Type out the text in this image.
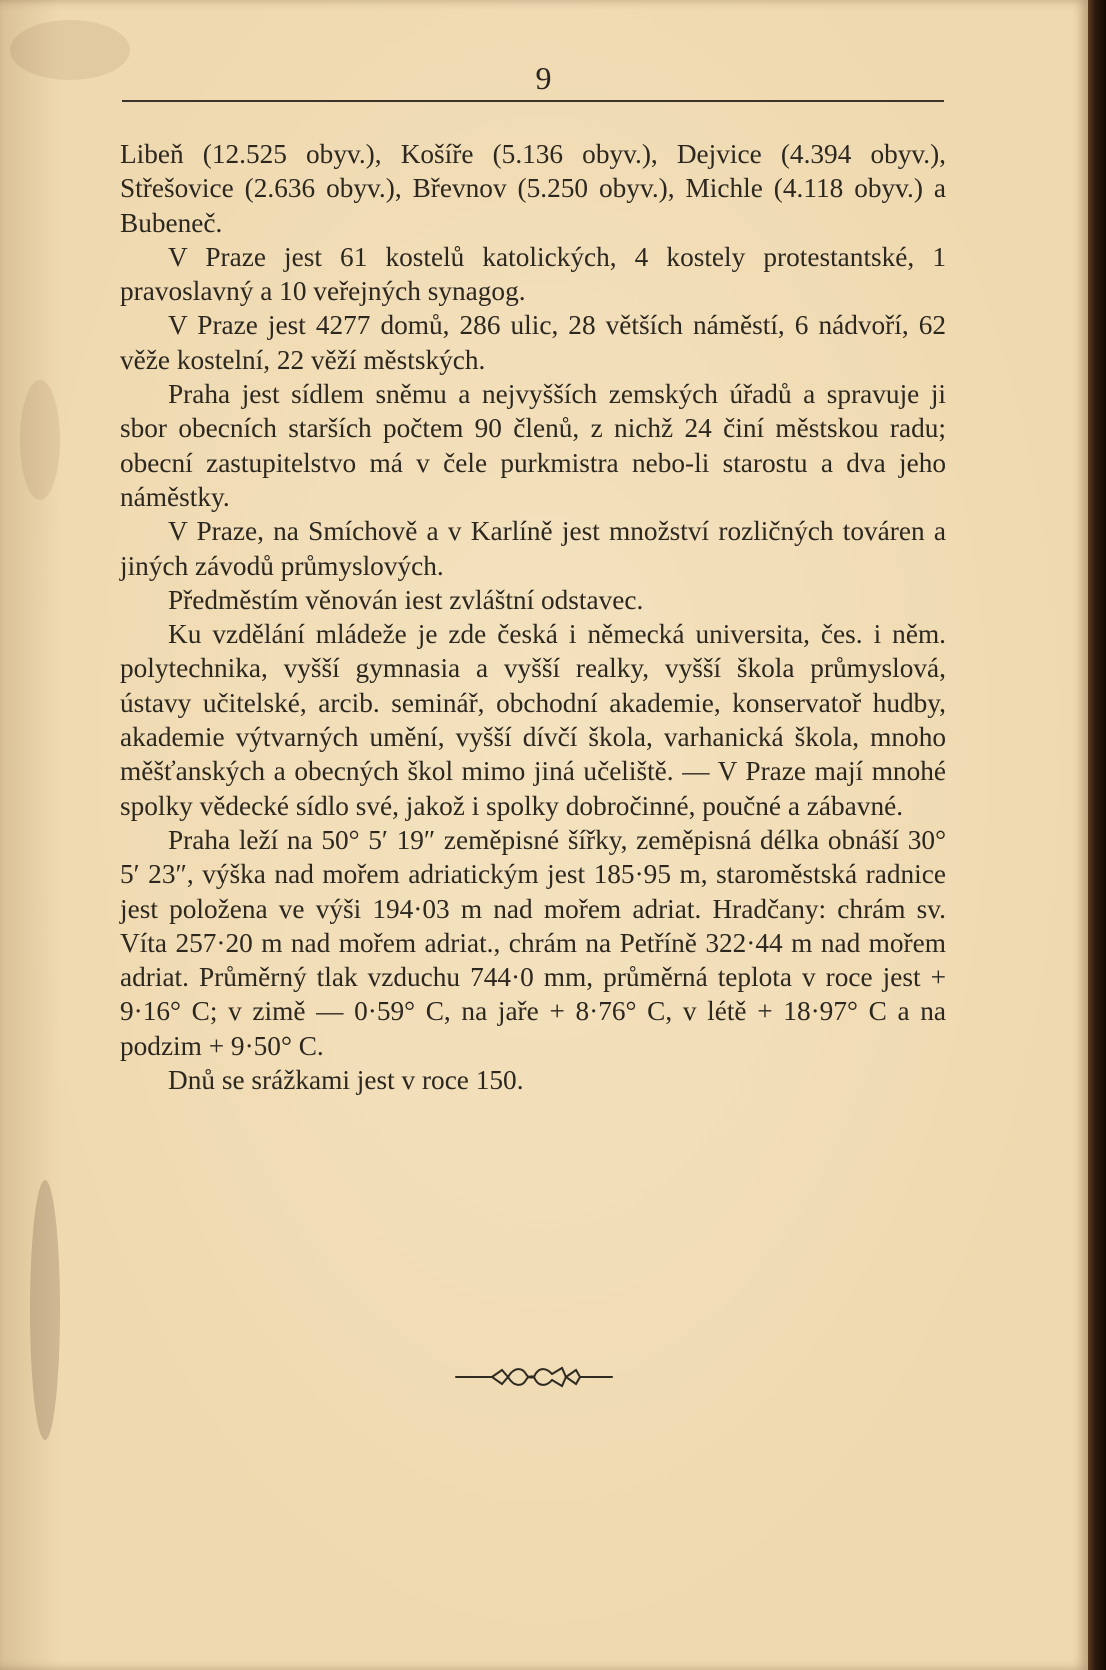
9

Libeň (12.525 obyv.), Košíře (5.136 obyv.), Dejvice (4.394 obyv.), Střešovice (2.636 obyv.), Břevnov (5.250 obyv.), Michle (4.118 obyv.) a Bubeneč.

V Praze jest 61 kostelů katolických, 4 kostely protestantské, 1 pravoslavný a 10 veřejných synagog.

V Praze jest 4277 domů, 286 ulic, 28 větších náměstí, 6 nádvoří, 62 věže kostelní, 22 věží městských.

Praha jest sídlem sněmu a nejvyšších zemských úřadů a spravuje ji sbor obecních starších počtem 90 členů, z nichž 24 činí městskou radu; obecní zastupitelstvo má v čele purkmistra nebo-li starostu a dva jeho náměstky.

V Praze, na Smíchově a v Karlíně jest množství rozličných továren a jiných závodů průmyslových.

Předměstím věnován iest zvláštní odstavec.

Ku vzdělání mládeže je zde česká i německá universita, čes. i něm. polytechnika, vyšší gymnasia a vyšší realky, vyšší škola průmyslová, ústavy učitelské, arcib. seminář, obchodní akademie, konservatoř hudby, akademie výtvarných umění, vyšší dívčí škola, varhanická škola, mnoho měšťanských a obecných škol mimo jiná učeliště. — V Praze mají mnohé spolky vědecké sídlo své, jakož i spolky dobročinné, poučné a zábavné.

Praha leží na 50° 5′ 19″ zeměpisné šířky, zeměpisná délka obnáší 30° 5′ 23″, výška nad mořem adriatickým jest 185·95 m, staroměstská radnice jest položena ve výši 194·03 m nad mořem adriat. Hradčany: chrám sv. Víta 257·20 m nad mořem adriat., chrám na Petříně 322·44 m nad mořem adriat. Průměrný tlak vzduchu 744·0 mm, průměrná teplota v roce jest + 9·16° C; v zimě — 0·59° C, na jaře + 8·76° C, v létě + 18·97° C a na podzim + 9·50° C.

Dnů se srážkami jest v roce 150.
